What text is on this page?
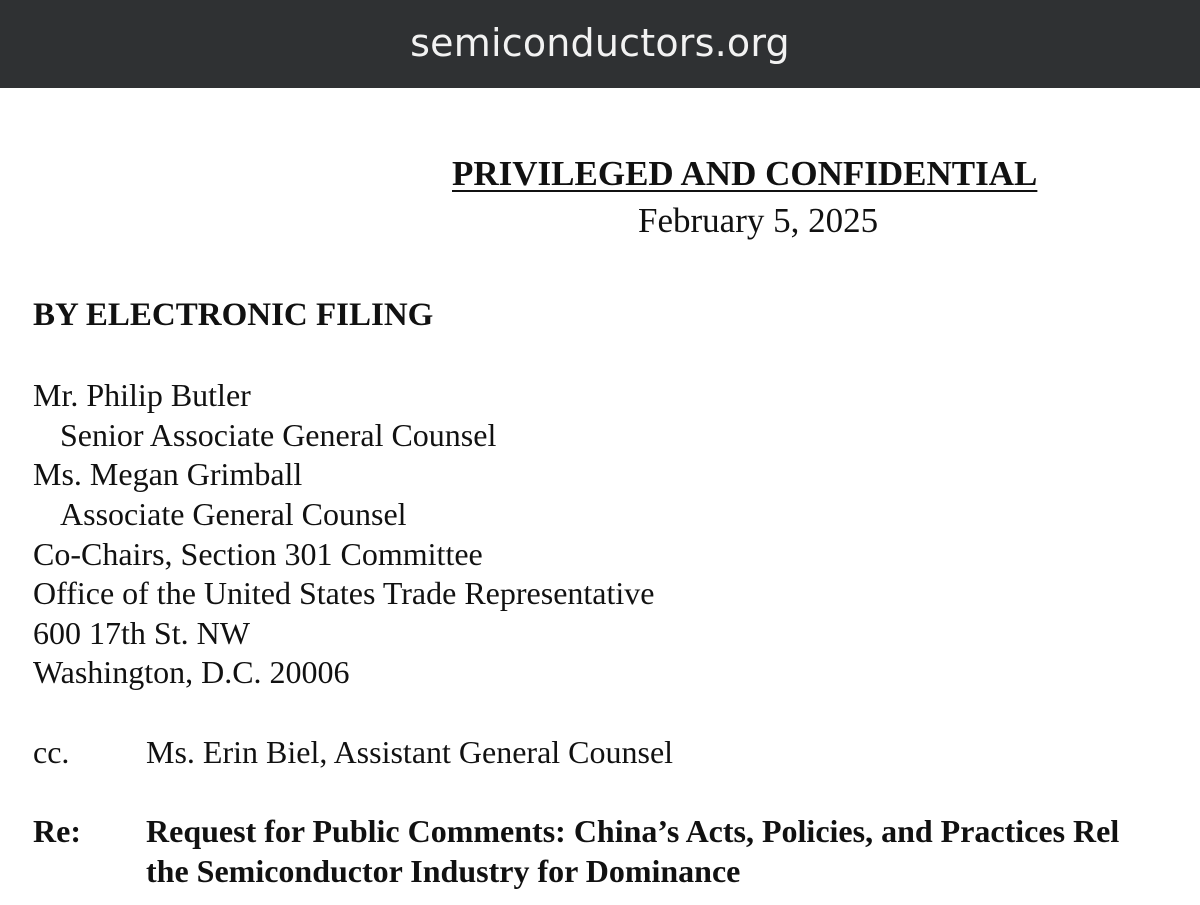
semiconductors.org
PRIVILEGED AND CONFIDENTIAL
February 5, 2025
BY ELECTRONIC FILING
Mr. Philip Butler
Senior Associate General Counsel
Ms. Megan Grimball
Associate General Counsel
Co-Chairs, Section 301 Committee
Office of the United States Trade Representative
600 17th St. NW
Washington, D.C. 20006
cc. Ms. Erin Biel, Assistant General Counsel
Re: Request for Public Comments: China’s Acts, Policies, and Practices Rel
the Semiconductor Industry for Dominance
